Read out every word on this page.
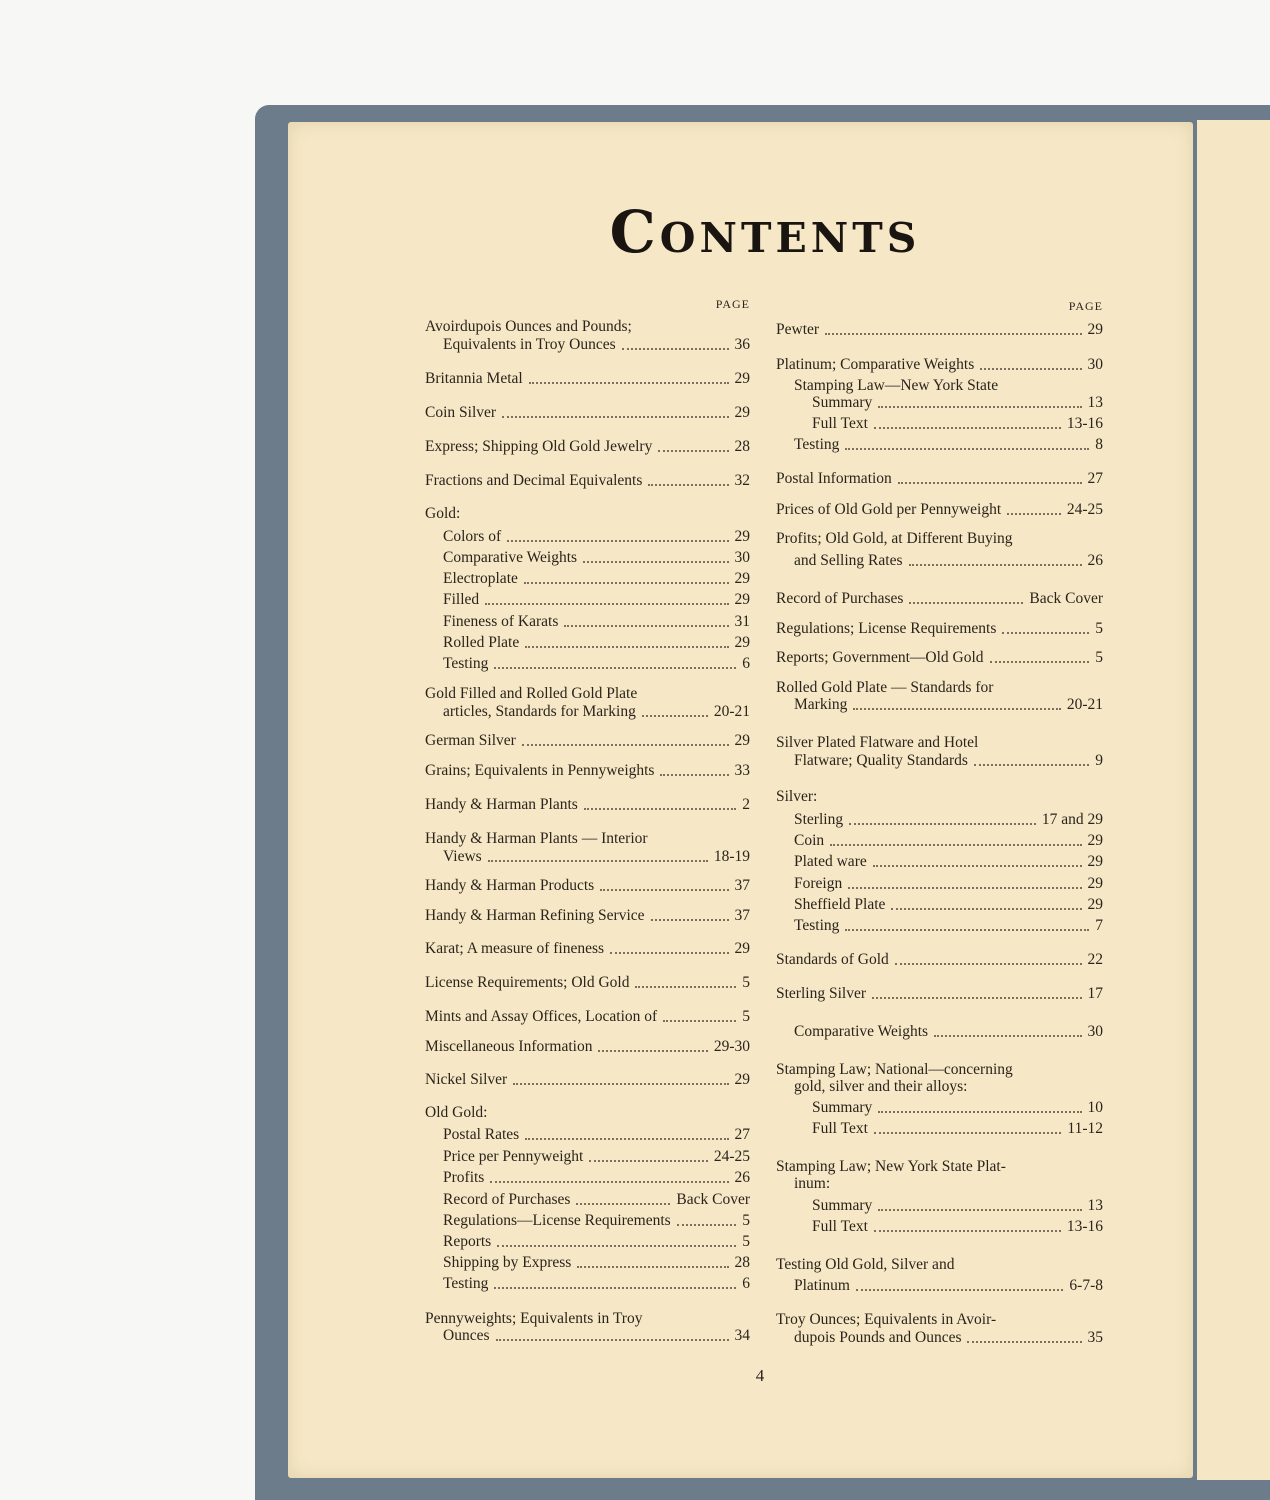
Contents
PAGE
Avoirdupois Ounces and Pounds;
Equivalents in Troy Ounces	36
Britannia Metal	29
Coin Silver	29
Express; Shipping Old Gold Jewelry	28
Fractions and Decimal Equivalents	32
Gold:
Colors of	29
Comparative Weights	30
Electroplate	29
Filled	29
Fineness of Karats	31
Rolled Plate	29
Testing	6
Gold Filled and Rolled Gold Plate
articles, Standards for Marking	20-21
German Silver	29
Grains; Equivalents in Pennyweights	33
Handy & Harman Plants	2
Handy & Harman Plants — Interior
Views	18-19
Handy & Harman Products	37
Handy & Harman Refining Service	37
Karat; A measure of fineness	29
License Requirements; Old Gold	5
Mints and Assay Offices, Location of	5
Miscellaneous Information	29-30
Nickel Silver	29
Old Gold:
Postal Rates	27
Price per Pennyweight	24-25
Profits	26
Record of Purchases	Back Cover
Regulations—License Requirements	5
Reports	5
Shipping by Express	28
Testing	6
Pennyweights; Equivalents in Troy
Ounces	34
PAGE
Pewter	29
Platinum; Comparative Weights	30
Stamping Law—New York State
Summary	13
Full Text	13-16
Testing	8
Postal Information	27
Prices of Old Gold per Pennyweight	24-25
Profits; Old Gold, at Different Buying
and Selling Rates	26
Record of Purchases	Back Cover
Regulations; License Requirements	5
Reports; Government—Old Gold	5
Rolled Gold Plate — Standards for
Marking	20-21
Silver Plated Flatware and Hotel
Flatware; Quality Standards	9
Silver:
Sterling	17 and 29
Coin	29
Plated ware	29
Foreign	29
Sheffield Plate	29
Testing	7
Standards of Gold	22
Sterling Silver	17
Comparative Weights	30
Stamping Law; National—concerning
gold, silver and their alloys:
Summary	10
Full Text	11-12
Stamping Law; New York State Plat-
inum:
Summary	13
Full Text	13-16
Testing Old Gold, Silver and
Platinum	6-7-8
Troy Ounces; Equivalents in Avoir-
dupois Pounds and Ounces	35
4
